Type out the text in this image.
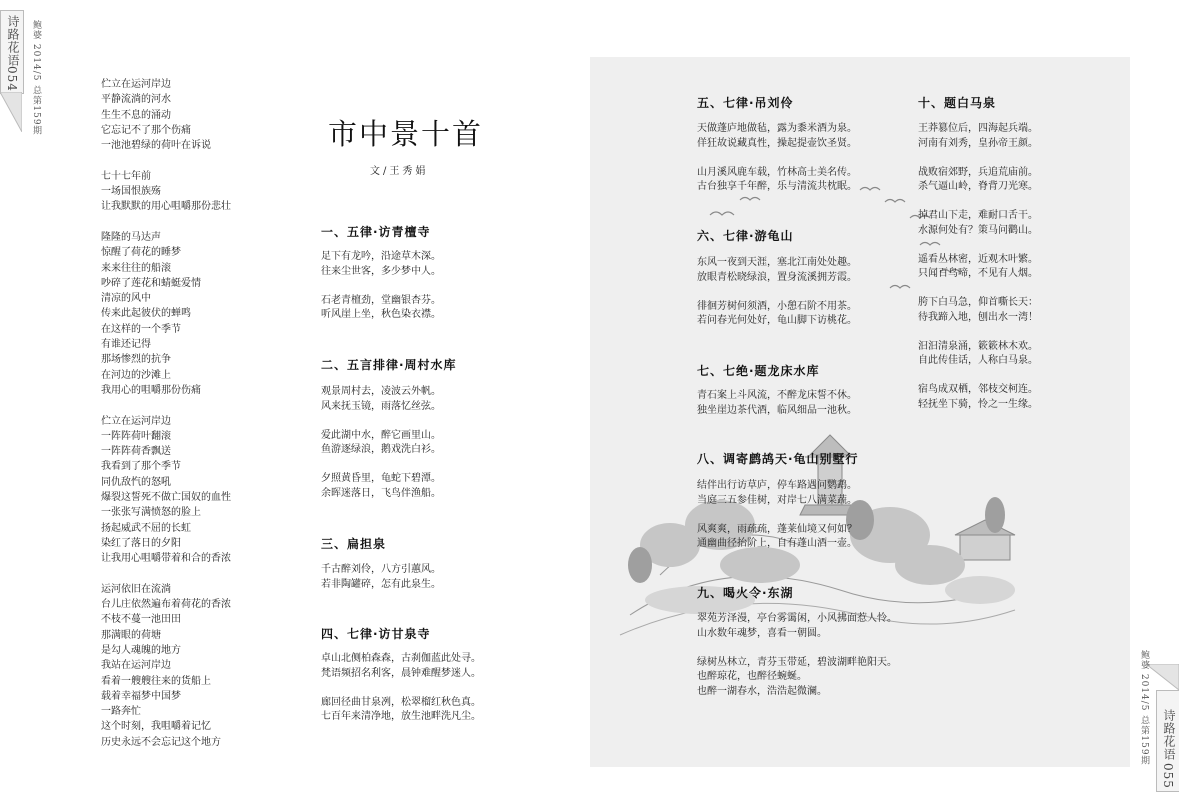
诗路花语
054 鲍婆 2014/5 总第159期	伫立在运河岸边
平静流淌的河水
生生不息的涌动
它忘记不了那个伤痛
一池池碧绿的荷叶在诉说
七十七年前
一场国恨族殇
让我默默的用心咀嚼那份悲壮
隆隆的马达声
惊醒了荷花的睡梦
来来往往的船滚
吵碎了莲花和蜻蜓爱情
清凉的风中
传来此起彼伏的蝉鸣
在这样的一个季节
有谁还记得
那场惨烈的抗争
在河边的沙滩上
我用心的咀嚼那份伤痛
伫立在运河岸边
一阵阵荷叶翻滚
一阵阵荷香飘送
我看到了那个季节
同仇敌忾的怒吼
爆裂这誓死不做亡国奴的血性
一张张写满愤怒的脸上
扬起威武不屈的长虹
染红了落日的夕阳
让我用心咀嚼带着和合的香浓
运河依旧在流淌
台儿庄依然遍布着荷花的香浓
不枝不蔓一池田田
那满眼的荷塘
是勾人魂魄的地方
我站在运河岸边
看着一艘艘往来的货船上
载着幸福梦中国梦
一路奔忙
这个时刻，我咀嚼着记忆
历史永远不会忘记这个地方
市中景十首
文/王秀娟
一、五律·访青檀寺
足下有龙吟，沿途草木深。
往来尘世客，多少梦中人。
石老青檀劲，堂幽银杏芬。
听风崖上坐，秋色染衣襟。
二、五言排律·周村水库
观景周村去，凌波云外帆。
风来抚玉镜，雨落忆丝弦。
爱此湖中水，醉它画里山。
鱼游逐绿浪，鹅戏洗白衫。
夕照黄昏里，龟蛇下碧潭。
余晖迷落日，飞鸟伴渔船。
三、扁担泉
千古醉刘伶，八方引蕙风。
若非陶罐碎，怎有此泉生。
四、七律·访甘泉寺
卓山北侧柏森森，古刹伽蓝此处寻。
梵语频招名利客，晨钟难醒梦迷人。
廊回径曲甘泉冽，松翠榴红秋色真。
七百年来清净地，放生池畔洗凡尘。
五、七律·吊刘伶
天做蓬庐地做毡，露为黍米酒为泉。
佯狂故说藏真性，操起提壶饮圣贤。
山月溪风鹿车载，竹林高士美名传。
古台独享千年醉，乐与清流共枕眠。
六、七律·游龟山
东风一夜到天涯，塞北江南处处趣。
放眼青松晓绿浪，置身流溪拥芳霞。
徘徊芳树何须酒，小憩石阶不用茶。
若问春光何处好，龟山脚下访桃花。
七、七绝·题龙床水库
青石案上斗风流，不醉龙床誓不休。
独坐崖边茶代酒，临风细品一池秋。
八、调寄鹧鸪天·龟山别墅行
结伴出行访草庐，停车路遇问鹦鹉。
当庭三五参佳树，对岸七八满菜蔬。
风爽爽，雨疏疏，蓬莱仙境又何如？
通幽曲径抬阶上，自有蓬山酒一壶。
九、喝火令·东湖
翠苑芳泽漫，亭台雾霭闲，小风拂面惹人怜。
山水数年魂梦，喜看一朝圆。
绿树丛林立，青芬玉带延，碧波湖畔艳阳天。
也醉琼花，也醉径蜿蜒。
也醉一湖春水，浩浩起微澜。
十、题白马泉
王莽篡位后，四海起兵端。
河南有刘秀，皇孙帝王颜。
战败宿郊野，兵追荒庙前。
杀气逼山岭，脊背刀光寒。
掉君山下走，难耐口舌干。
水源何处有？策马问鹳山。
遥看丛林密，近观木叶繁。
只闻百鸟啼，不见有人烟。
胯下白马急，仰首嘶长天：
待我蹄入地，刨出水一湾！
汩汩清泉涌，簌簌林木欢。
自此传佳话，人称白马泉。
宿鸟成双栖，邻枝交柯连。
轻抚坐下骑，怜之一生缘。
诗路花语
055
鲍婆 2014/5 总第159期
